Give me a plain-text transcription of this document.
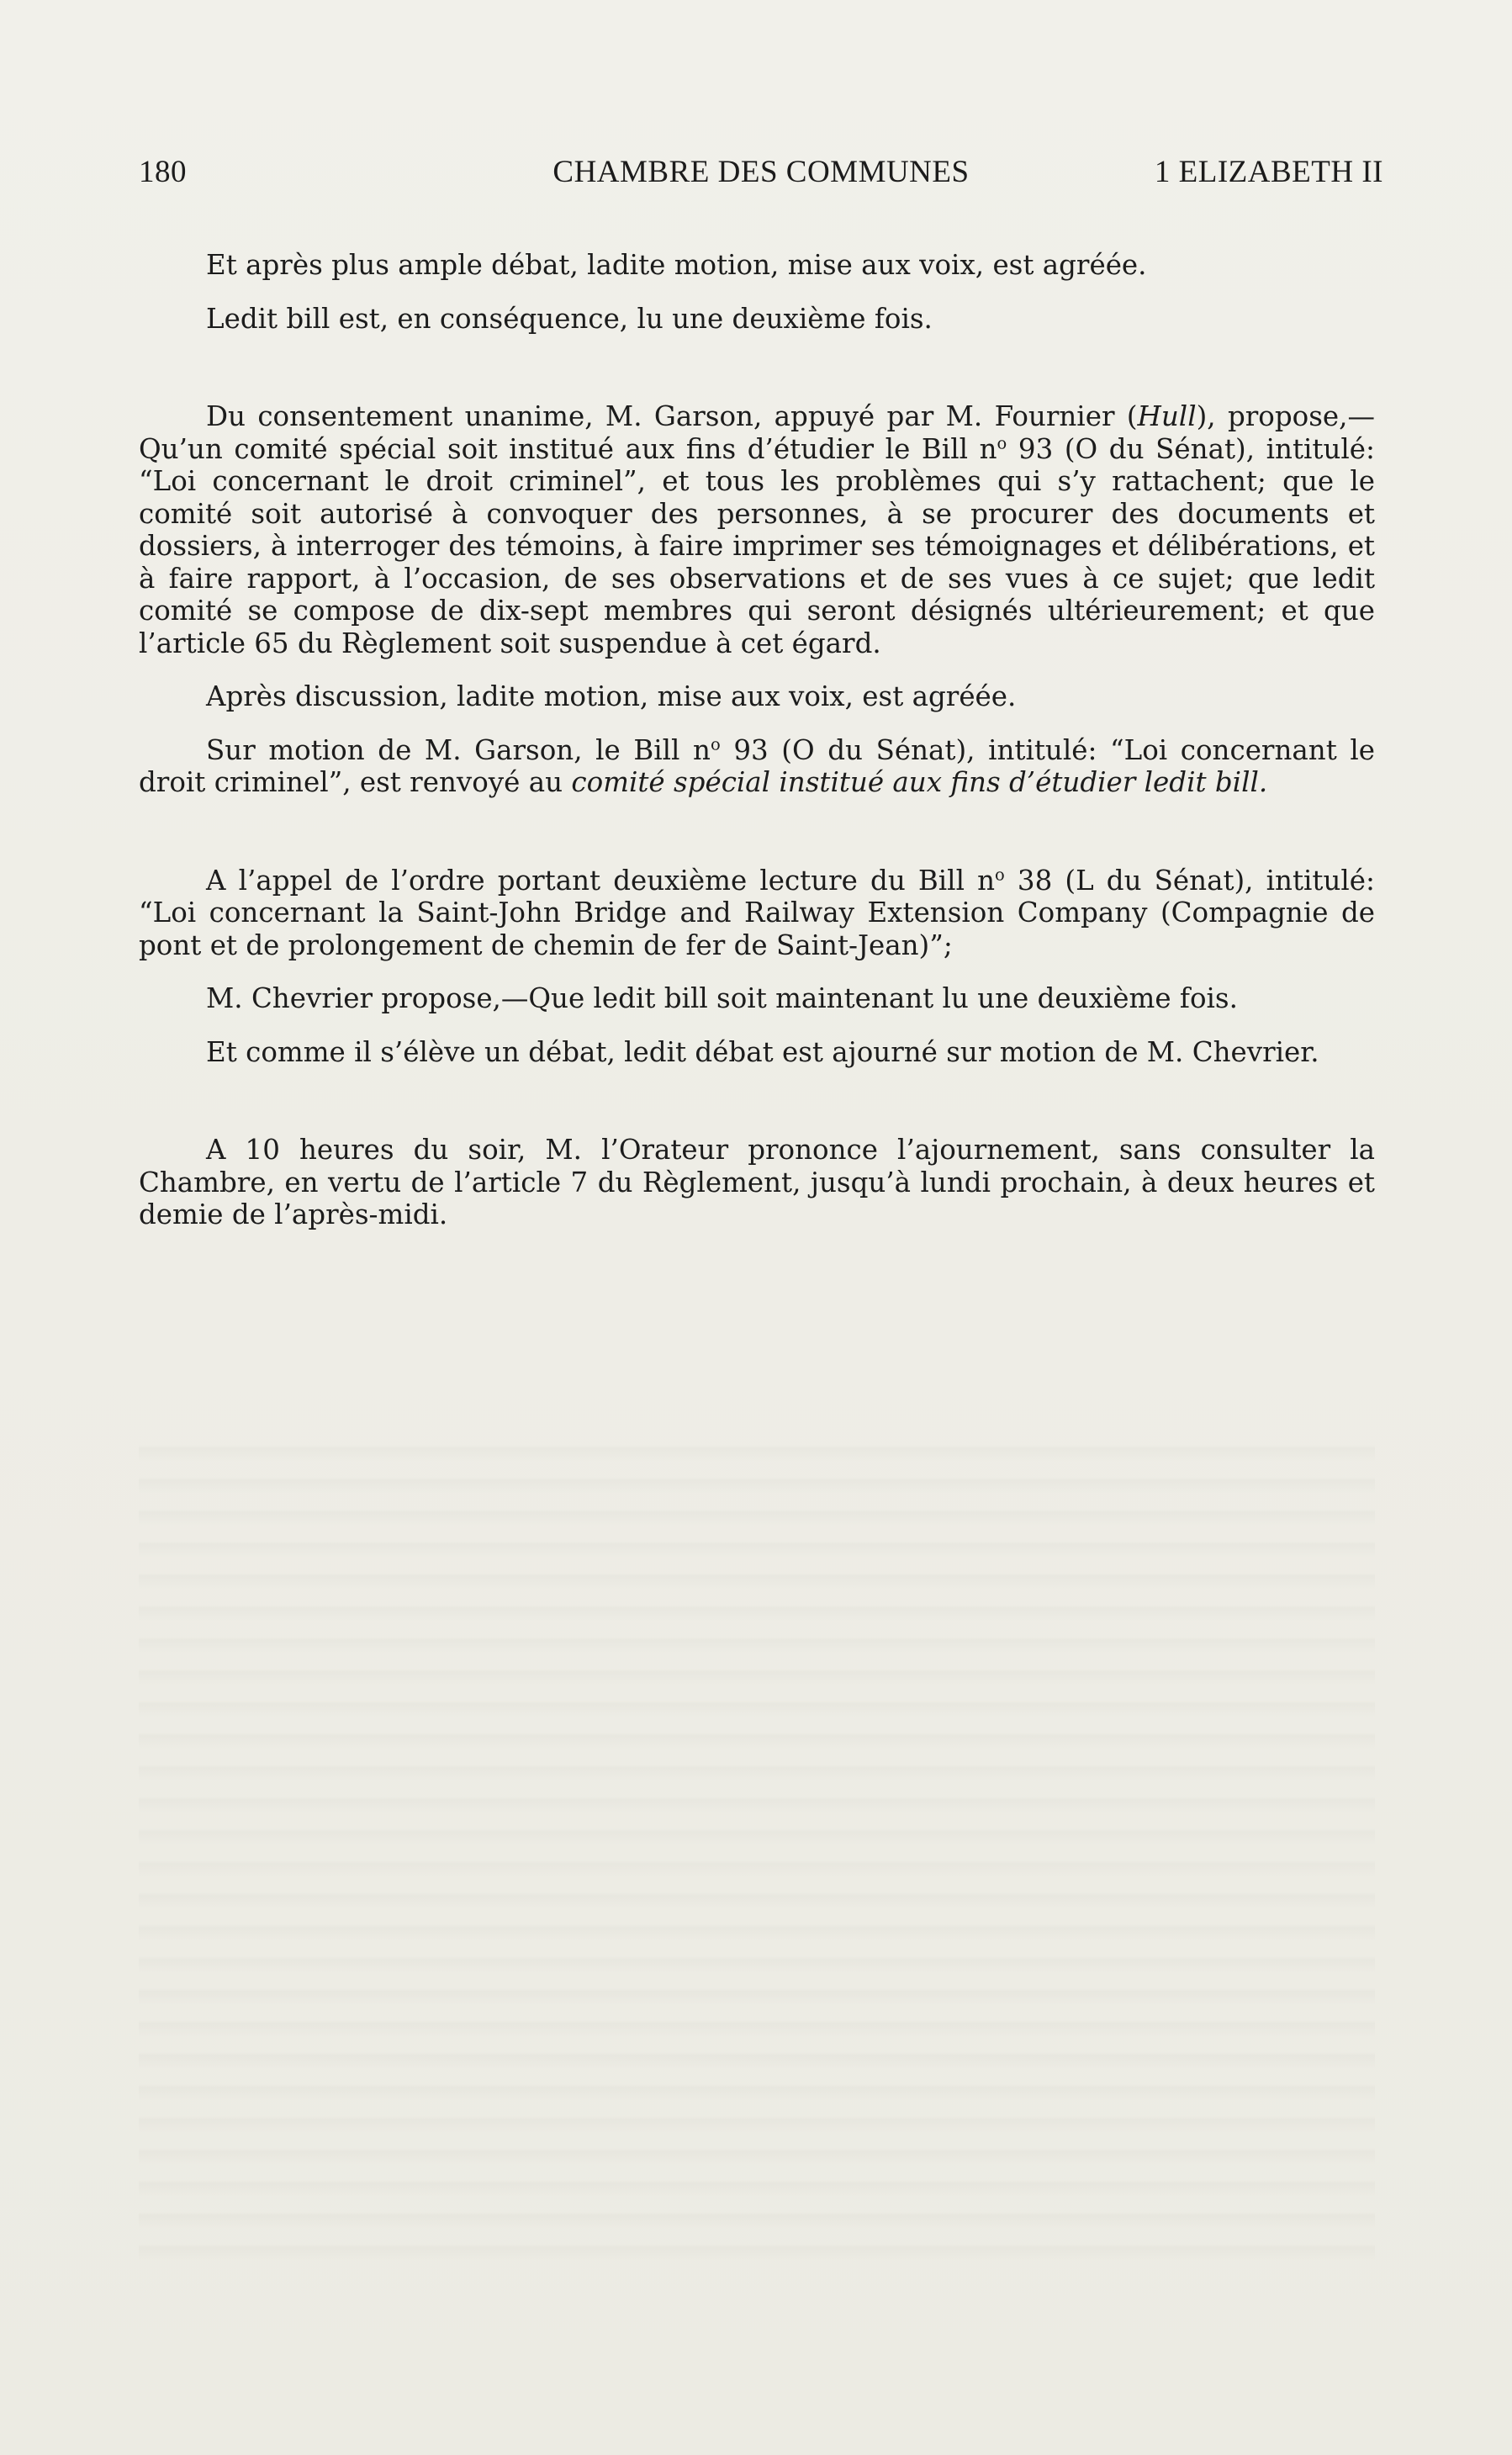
180	CHAMBRE DES COMMUNES	1 ELIZABETH II

Et après plus ample débat, ladite motion, mise aux voix, est agréée.

Ledit bill est, en conséquence, lu une deuxième fois.

Du consentement unanime, M. Garson, appuyé par M. Fournier (Hull), propose,—Qu’un comité spécial soit institué aux fins d’étudier le Bill $n^o$ 93 (O du Sénat), intitulé: “Loi concernant le droit criminel”, et tous les problèmes qui s’y rattachent; que le comité soit autorisé à convoquer des personnes, à se procurer des documents et dossiers, à interroger des témoins, à faire imprimer ses témoignages et délibérations, et à faire rapport, à l’occasion, de ses observations et de ses vues à ce sujet; que ledit comité se compose de dix-sept membres qui seront désignés ultérieurement; et que l’article 65 du Règlement soit suspendue à cet égard.

Après discussion, ladite motion, mise aux voix, est agréée.

Sur motion de M. Garson, le Bill $n^o$ 93 (O du Sénat), intitulé: “Loi concernant le droit criminel”, est renvoyé au comité spécial institué aux fins d’étudier ledit bill.

A l’appel de l’ordre portant deuxième lecture du Bill $n^o$ 38 (L du Sénat), intitulé: “Loi concernant la Saint-John Bridge and Railway Extension Company (Compagnie de pont et de prolongement de chemin de fer de Saint-Jean)”;

M. Chevrier propose,—Que ledit bill soit maintenant lu une deuxième fois.

Et comme il s’élève un débat, ledit débat est ajourné sur motion de M. Chevrier.

A 10 heures du soir, M. l’Orateur prononce l’ajournement, sans consulter la Chambre, en vertu de l’article 7 du Règlement, jusqu’à lundi prochain, à deux heures et demie de l’après-midi.
